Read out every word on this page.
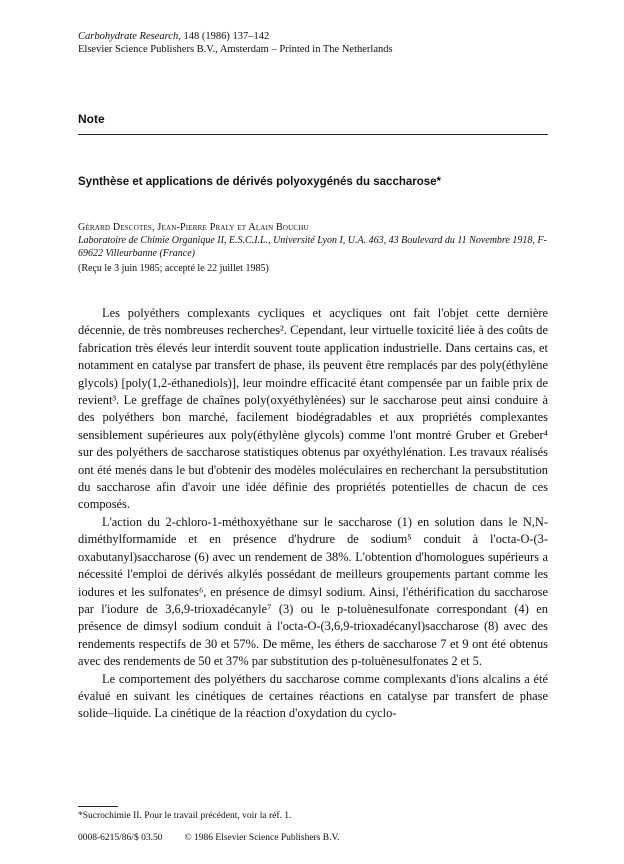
Carbohydrate Research, 148 (1986) 137–142
Elsevier Science Publishers B.V., Amsterdam – Printed in The Netherlands
Note
Synthèse et applications de dérivés polyoxygénés du saccharose*
Gérard Descotes, Jean-Pierre Praly et Alain Bouchu
Laboratoire de Chimie Organique II, E.S.C.I.L., Université Lyon I, U.A. 463, 43 Boulevard du 11 Novembre 1918, F-69622 Villeurbanne (France)
(Reçu le 3 juin 1985; accepté le 22 juillet 1985)

Les polyéthers complexants cycliques et acycliques ont fait l'objet cette dernière décennie, de très nombreuses recherches². Cependant, leur virtuelle toxicité liée à des coûts de fabrication très élevés leur interdit souvent toute application industrielle. Dans certains cas, et notamment en catalyse par transfert de phase, ils peuvent être remplacés par des poly(éthylène glycols) [poly(1,2-éthanediols)], leur moindre efficacité étant compensée par un faible prix de revient³. Le greffage de chaînes poly(oxyéthylènées) sur le saccharose peut ainsi conduire à des polyéthers bon marché, facilement biodégradables et aux propriétés complexantes sensiblement supérieures aux poly(éthylène glycols) comme l'ont montré Gruber et Greber⁴ sur des polyéthers de saccharose statistiques obtenus par oxyéthylénation. Les travaux réalisés ont été menés dans le but d'obtenir des modèles moléculaires en recherchant la persubstitution du saccharose afin d'avoir une idée définie des propriétés potentielles de chacun de ces composés.

L'action du 2-chloro-1-méthoxyéthane sur le saccharose (1) en solution dans le N,N-diméthylformamide et en présence d'hydrure de sodium⁵ conduit à l'octa-O-(3-oxabutanyl)saccharose (6) avec un rendement de 38%. L'obtention d'homologues supérieurs a nécessité l'emploi de dérivés alkylés possédant de meilleurs groupements partant comme les iodures et les sulfonates⁶, en présence de dimsyl sodium. Ainsi, l'éthérification du saccharose par l'iodure de 3,6,9-trioxadécanyle⁷ (3) ou le p-toluènesulfonate correspondant (4) en présence de dimsyl sodium conduit à l'octa-O-(3,6,9-trioxadécanyl)saccharose (8) avec des rendements respectifs de 30 et 57%. De même, les éthers de saccharose 7 et 9 ont été obtenus avec des rendements de 50 et 37% par substitution des p-toluènesulfonates 2 et 5.

Le comportement des polyéthers du saccharose comme complexants d'ions alcalins a été évalué en suivant les cinétiques de certaines réactions en catalyse par transfert de phase solide–liquide. La cinétique de la réaction d'oxydation du cyclo-

*Sucrochimie II. Pour le travail précédent, voir la réf. 1.
0008-6215/86/$ 03.50 © 1986 Elsevier Science Publishers B.V.
